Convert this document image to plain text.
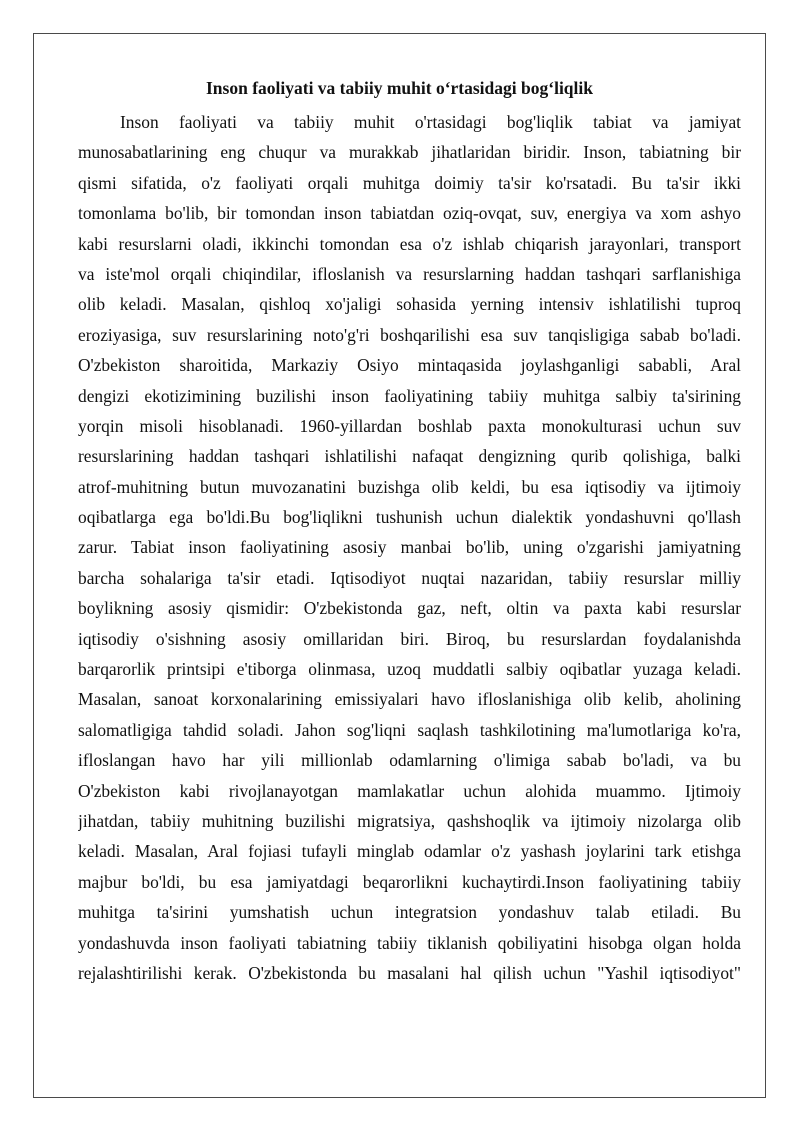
Inson faoliyati va tabiiy muhit o‘rtasidagi bog‘liqlik
Inson faoliyati va tabiiy muhit o'rtasidagi bog'liqlik tabiat va jamiyat
munosabatlarining eng chuqur va murakkab jihatlaridan biridir. Inson, tabiatning bir
qismi sifatida, o'z faoliyati orqali muhitga doimiy ta'sir ko'rsatadi. Bu ta'sir ikki
tomonlama bo'lib, bir tomondan inson tabiatdan oziq-ovqat, suv, energiya va xom ashyo
kabi resurslarni oladi, ikkinchi tomondan esa o'z ishlab chiqarish jarayonlari, transport
va iste'mol orqali chiqindilar, ifloslanish va resurslarning haddan tashqari sarflanishiga
olib keladi. Masalan, qishloq xo'jaligi sohasida yerning intensiv ishlatilishi tuproq
eroziyasiga, suv resurslarining noto'g'ri boshqarilishi esa suv tanqisligiga sabab bo'ladi.
O'zbekiston sharoitida, Markaziy Osiyo mintaqasida joylashganligi sababli, Aral
dengizi ekotizimining buzilishi inson faoliyatining tabiiy muhitga salbiy ta'sirining
yorqin misoli hisoblanadi. 1960-yillardan boshlab paxta monokulturasi uchun suv
resurslarining haddan tashqari ishlatilishi nafaqat dengizning qurib qolishiga, balki
atrof-muhitning butun muvozanatini buzishga olib keldi, bu esa iqtisodiy va ijtimoiy
oqibatlarga ega bo'ldi.Bu bog'liqlikni tushunish uchun dialektik yondashuvni qo'llash
zarur. Tabiat inson faoliyatining asosiy manbai bo'lib, uning o'zgarishi jamiyatning
barcha sohalariga ta'sir etadi. Iqtisodiyot nuqtai nazaridan, tabiiy resurslar milliy
boylikning asosiy qismidir: O'zbekistonda gaz, neft, oltin va paxta kabi resurslar
iqtisodiy o'sishning asosiy omillaridan biri. Biroq, bu resurslardan foydalanishda
barqarorlik printsipi e'tiborga olinmasa, uzoq muddatli salbiy oqibatlar yuzaga keladi.
Masalan, sanoat korxonalarining emissiyalari havo ifloslanishiga olib kelib, aholining
salomatligiga tahdid soladi. Jahon sog'liqni saqlash tashkilotining ma'lumotlariga ko'ra,
ifloslangan havo har yili millionlab odamlarning o'limiga sabab bo'ladi, va bu
O'zbekiston kabi rivojlanayotgan mamlakatlar uchun alohida muammo. Ijtimoiy
jihatdan, tabiiy muhitning buzilishi migratsiya, qashshoqlik va ijtimoiy nizolarga olib
keladi. Masalan, Aral fojiasi tufayli minglab odamlar o'z yashash joylarini tark etishga
majbur bo'ldi, bu esa jamiyatdagi beqarorlikni kuchaytirdi.Inson faoliyatining tabiiy
muhitga ta'sirini yumshatish uchun integratsion yondashuv talab etiladi. Bu
yondashuvda inson faoliyati tabiatning tabiiy tiklanish qobiliyatini hisobga olgan holda
rejalashtirilishi kerak. O'zbekistonda bu masalani hal qilish uchun "Yashil iqtisodiyot"
